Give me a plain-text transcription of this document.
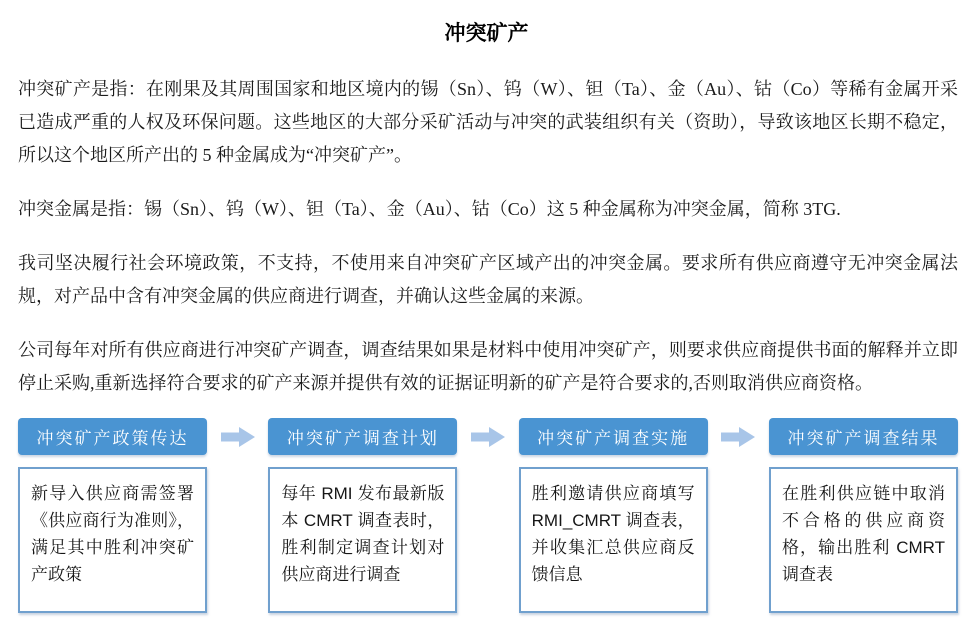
冲突矿产

冲突矿产是指：在刚果及其周围国家和地区境内的锡（Sn）、钨（W）、钽（Ta）、金（Au）、钴（Co）等稀有金属开采已造成严重的人权及环保问题。这些地区的大部分采矿活动与冲突的武装组织有关（资助），导致该地区长期不稳定，所以这个地区所产出的 5 种金属成为“冲突矿产”。

冲突金属是指：锡（Sn）、钨（W）、钽（Ta）、金（Au）、钴（Co）这 5 种金属称为冲突金属，简称 3TG.

我司坚决履行社会环境政策，不支持，不使用来自冲突矿产区域产出的冲突金属。要求所有供应商遵守无冲突金属法规，对产品中含有冲突金属的供应商进行调查，并确认这些金属的来源。

公司每年对所有供应商进行冲突矿产调查，调查结果如果是材料中使用冲突矿产，则要求供应商提供书面的解释并立即停止采购,重新选择符合要求的矿产来源并提供有效的证据证明新的矿产是符合要求的,否则取消供应商资格。

冲突矿产政策传达
新导入供应商需签署《供应商行为准则》，满足其中胜利冲突矿产政策
冲突矿产调查计划
每年 RMI 发布最新版本 CMRT 调查表时，胜利制定调查计划对供应商进行调查
冲突矿产调查实施
胜利邀请供应商填写 RMI_CMRT 调查表，并收集汇总供应商反馈信息
冲突矿产调查结果
在胜利供应链中取消不合格的供应商资格，输出胜利 CMRT 调查表
